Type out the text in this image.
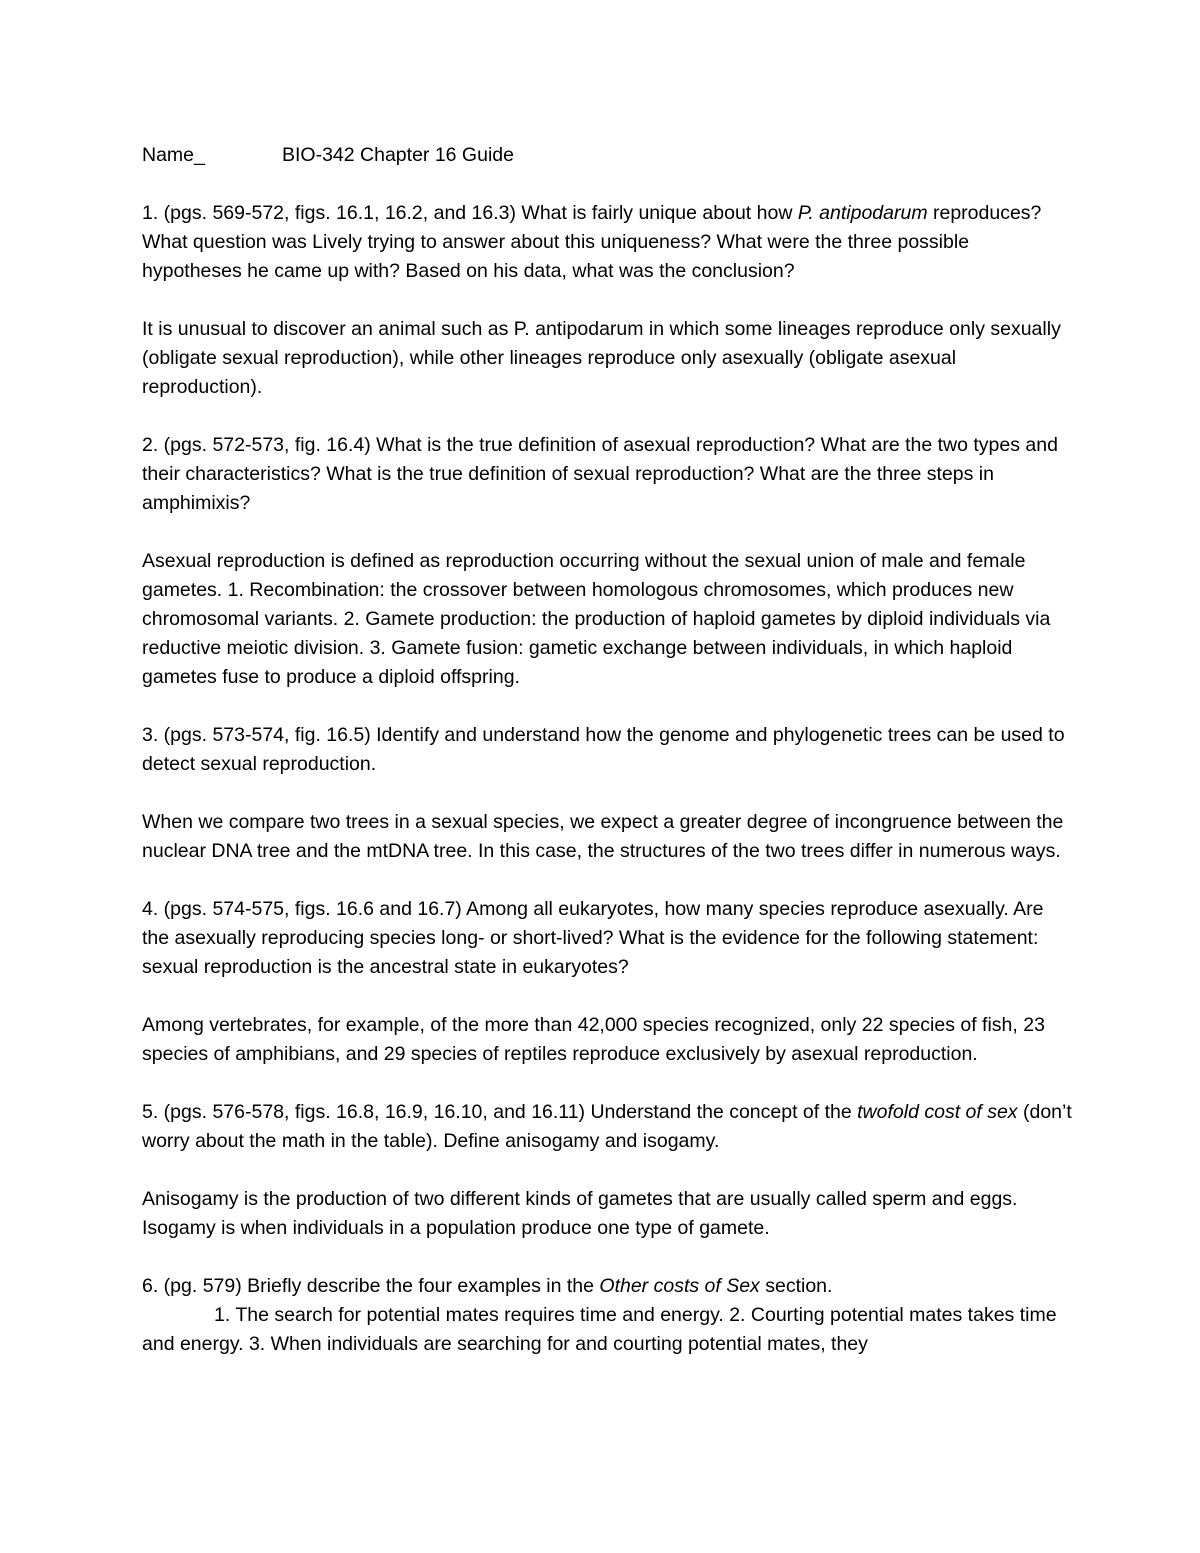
Name_	BIO-342 Chapter 16 Guide

1. (pgs. 569-572, figs. 16.1, 16.2, and 16.3) What is fairly unique about how P. antipodarum reproduces? What question was Lively trying to answer about this uniqueness? What were the three possible hypotheses he came up with? Based on his data, what was the conclusion?

It is unusual to discover an animal such as P. antipodarum in which some lineages reproduce only sexually (obligate sexual reproduction), while other lineages reproduce only asexually (obligate asexual reproduction).

2. (pgs. 572-573, fig. 16.4) What is the true definition of asexual reproduction? What are the two types and their characteristics? What is the true definition of sexual reproduction? What are the three steps in amphimixis?

Asexual reproduction is defined as reproduction occurring without the sexual union of male and female gametes. 1. Recombination: the crossover between homologous chromosomes, which produces new chromosomal variants. 2. Gamete production: the production of haploid gametes by diploid individuals via reductive meiotic division. 3. Gamete fusion: gametic exchange between individuals, in which haploid gametes fuse to produce a diploid offspring.

3. (pgs. 573-574, fig. 16.5) Identify and understand how the genome and phylogenetic trees can be used to detect sexual reproduction.

When we compare two trees in a sexual species, we expect a greater degree of incongruence between the nuclear DNA tree and the mtDNA tree. In this case, the structures of the two trees differ in numerous ways.

4. (pgs. 574-575, figs. 16.6 and 16.7) Among all eukaryotes, how many species reproduce asexually. Are the asexually reproducing species long- or short-lived? What is the evidence for the following statement: sexual reproduction is the ancestral state in eukaryotes?

Among vertebrates, for example, of the more than 42,000 species recognized, only 22 species of fish, 23 species of amphibians, and 29 species of reptiles reproduce exclusively by asexual reproduction.

5. (pgs. 576-578, figs. 16.8, 16.9, 16.10, and 16.11) Understand the concept of the twofold cost of sex (don’t worry about the math in the table). Define anisogamy and isogamy.

Anisogamy is the production of two different kinds of gametes that are usually called sperm and eggs. Isogamy is when individuals in a population produce one type of gamete.

6. (pg. 579) Briefly describe the four examples in the Other costs of Sex section.

1. The search for potential mates requires time and energy. 2. Courting potential mates takes time and energy. 3. When individuals are searching for and courting potential mates, they
